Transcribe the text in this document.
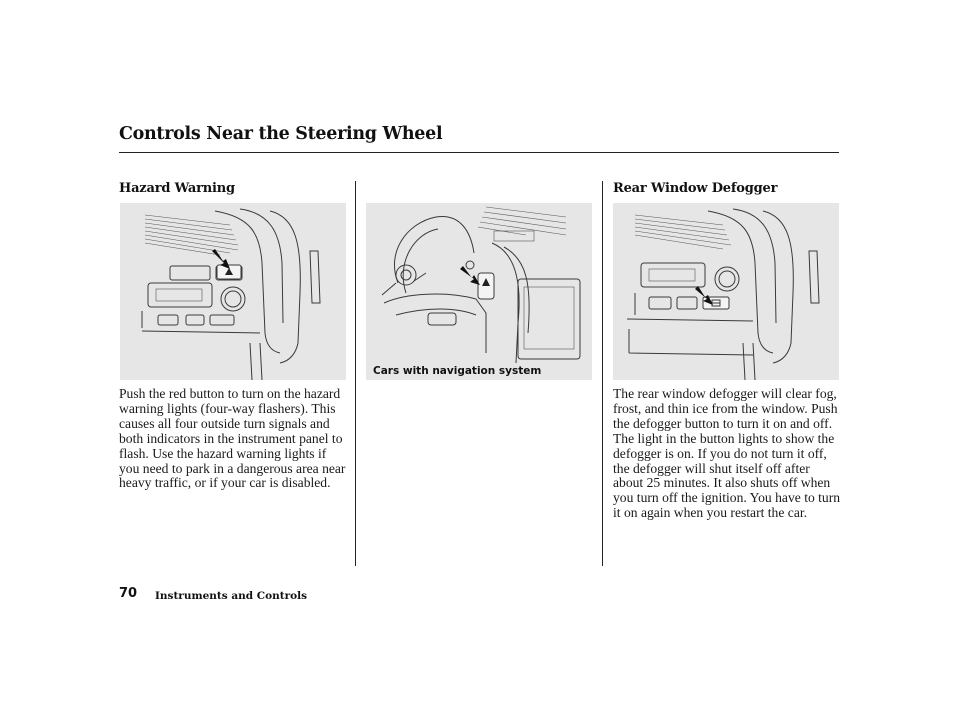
Controls Near the Steering Wheel
Hazard Warning

Push the red button to turn on the hazard warning lights (four-way flashers). This causes all four outside turn signals and both indicators in the instrument panel to flash. Use the hazard warning lights if you need to park in a dangerous area near heavy traffic, or if your car is disabled.

Cars with navigation system
Rear Window Defogger

The rear window defogger will clear fog, frost, and thin ice from the window. Push the defogger button to turn it on and off. The light in the button lights to show the defogger is on. If you do not turn it off, the defogger will shut itself off after about 25 minutes. It also shuts off when you turn off the ignition. You have to turn it on again when you restart the car.

70 Instruments and Controls
